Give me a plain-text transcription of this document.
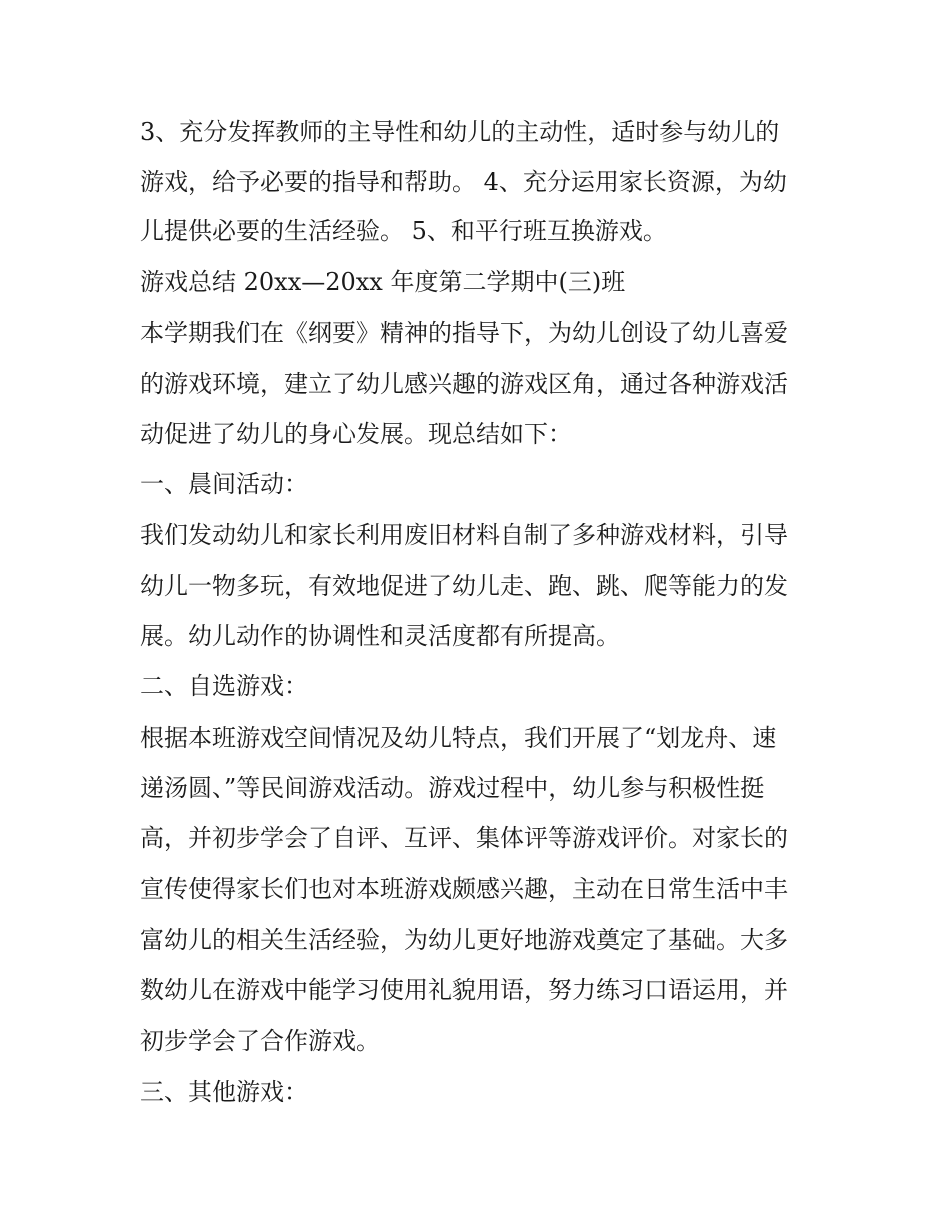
3、充分发挥教师的主导性和幼儿的主动性，适时参与幼儿的
游戏，给予必要的指导和帮助。 4、充分运用家长资源，为幼
儿提供必要的生活经验。 5、和平行班互换游戏。
游戏总结 20xx—20xx 年度第二学期中(三)班
本学期我们在《纲要》精神的指导下，为幼儿创设了幼儿喜爱
的游戏环境，建立了幼儿感兴趣的游戏区角，通过各种游戏活
动促进了幼儿的身心发展。现总结如下：
一、晨间活动：
我们发动幼儿和家长利用废旧材料自制了多种游戏材料，引导
幼儿一物多玩，有效地促进了幼儿走、跑、跳、爬等能力的发
展。幼儿动作的协调性和灵活度都有所提高。
二、自选游戏：
根据本班游戏空间情况及幼儿特点，我们开展了“划龙舟、速
递汤圆、”等民间游戏活动。游戏过程中，幼儿参与积极性挺
高，并初步学会了自评、互评、集体评等游戏评价。对家长的
宣传使得家长们也对本班游戏颇感兴趣，主动在日常生活中丰
富幼儿的相关生活经验，为幼儿更好地游戏奠定了基础。大多
数幼儿在游戏中能学习使用礼貌用语，努力练习口语运用，并
初步学会了合作游戏。
三、其他游戏：
